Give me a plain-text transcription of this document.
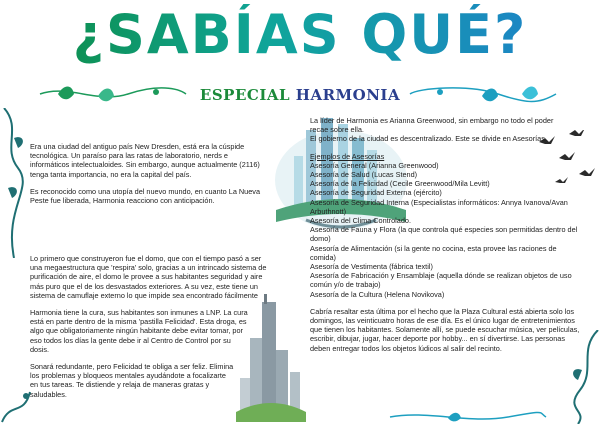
¿SABÍAS QUÉ?
ESPECIAL HARMONIA

Era una ciudad del antiguo país New Dresden, está era la cúspide tecnológica. Un paraíso para las ratas de laboratorio, nerds e informáticos intelectualoides. Sin embargo, aunque actualmente (2116) tenga tanta importancia, no era la capital del país.

Es reconocido como una utopía del nuevo mundo, en cuanto La Nueva Peste fue liberada, Harmonia reacciono con anticipación.

Lo primero que construyeron fue el domo, que con el tiempo pasó a ser una megaestructura que 'respira' solo, gracias a un intrincado sistema de purificación de aire, el domo le provee a sus habitantes seguridad y aire más puro que el de los desvastados exteriores. A su vez, este tiene un sistema de camuflaje externo lo que impide sea encontrado fácilmente

Harmonia tiene la cura, sus habitantes son inmunes a LNP. La cura está en parte dentro de la misma 'pastilla Felicidad'. Esta droga, es algo que obligatoriamente ningún habitante debe evitar tomar, por eso todos los días la gente debe ir al Centro de Control por su dosis.

Sonará redundante, pero Felicidad te obliga a ser feliz. Elimina los problemas y bloqueos mentales ayudándote a focalizarte en tus tareas. Te distiende y relaja de maneras gratas y saludables.

La líder de Harmonia es Arianna Greenwood, sin embargo no todo el poder recae sobre ella.
El gobierno de la ciudad es descentralizado. Este se divide en Asesorías.
Ejemplos de Asesorías
Asesoría General (Arianna Greenwood)
Asesoría de Salud (Lucas Stend)
Asesoría de la Felicidad (Cecile Greenwood/Mila Levitt)
Asesoría de Seguridad Externa (ejército)
Asesoría de Seguridad Interna (Especialistas informáticos: Annya Ivanova/Avan Arbuthnott)
Asesoría del Clima Controlado.
Asesoría de Fauna y Flora (la que controla qué especies son permitidas dentro del domo)
Asesoría de Alimentación (si la gente no cocina, esta provee las raciones de comida)
Asesoría de Vestimenta (fábrica textil)
Asesoría de Fabricación y Ensamblaje (aquella dónde se realizan objetos de uso común y/o de trabajo)
Asesoría de la Cultura (Helena Novikova)
Cabría resaltar esta última por el hecho que la Plaza Cultural está abierta solo los domingos, las veinticuatro horas de ese día. Es el único lugar de entretenimientos que tienen los habitantes. Solamente allí, se puede escuchar música, ver películas, escribir, dibujar, jugar, hacer deporte por hobby... en sí divertirse. Las personas deben entregar todos los objetos lúdicos al salir del recinto.
